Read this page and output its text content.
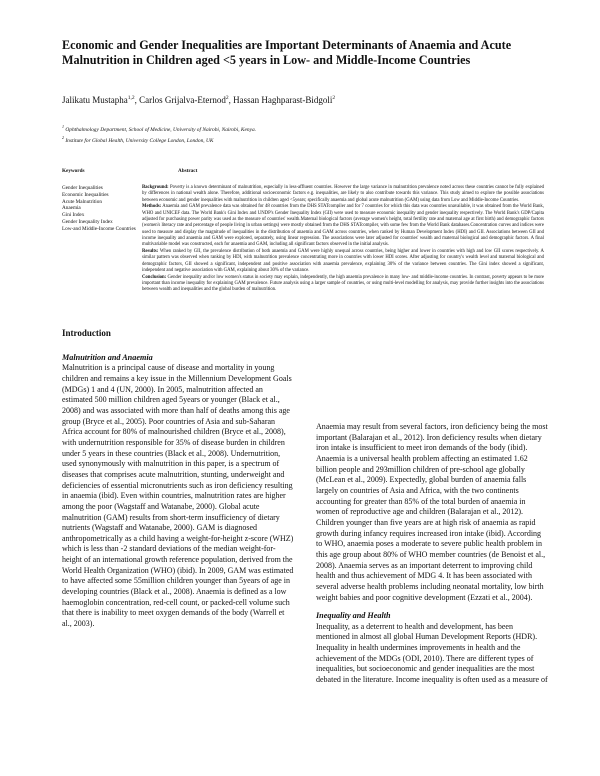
Economic and Gender Inequalities are Important Determinants of Anaemia and Acute Malnutrition in Children aged <5 years in Low- and Middle-Income Countries
Jalikatu Mustapha$^{1,2}$, Carlos Grijalva-Eternod$^2$, Hassan Haghparast-Bidgoli$^2$
$^1$ Ophthalmology Department, School of Medicine, University of Nairobi, Nairobi, Kenya.
$^2$ Institute for Global Health, University College London, London, UK
Keywords	Abstract
Gender Inequalities
Economic Inequalities
Acute Malnutrition
Anaemia
Gini Index
Gender Inequality Index
Low-and Middle-Income Countries

Background: Poverty is a known determinant of malnutrition, especially in less-affluent countries. However the large variance in malnutrition prevalence noted across these countries cannot be fully explained by differences in national wealth alone. Therefore, additional socioeconomic factors e.g. inequalities, are likely to also contribute towards this variance. This study aimed to explore the possible associations between economic and gender inequalities with malnutrition in children aged <5years; specifically anaemia and global acute malnutrition (GAM) using data from Low and Middle-Income Countries.

Methods: Anaemia and GAM prevalence data was obtained for 48 countries from the DHS STATcompiler and for 7 countries for which this data was countries unavailable, it was obtained from the World Bank, WHO and UNICEF data. The World Bank's Gini Index and UNDP's Gender Inequality Index (GII) were used to measure economic inequality and gender inequality respectively. The World Bank's GDP/Capita adjusted for purchasing power parity was used as the measure of countries' wealth.Maternal biological factors (average women's height, total fertility rate and maternal age at first birth) and demographic factors (women's literacy rate and percentage of people living in urban settings) were mostly obtained from the DHS STATcompiler, with some few from the World Bank databases.Concentration curves and indices were used to measure and display the magnitude of inequalities in the distribution of anaemia and GAM across countries, when ranked by Human Development Index (HDI) and GII. Associations between GII and income inequality and anaemia and GAM were explored, separately, using linear regression. The associations were later adjusted for countries' wealth and maternal biological and demographic factors. A final multivariable model was constructed, each for anaemia and GAM, including all significant factors observed in the initial analysis.

Results: When ranked by GII, the prevalence distribution of both anaemia and GAM were highly unequal across countries, being higher and lower in countries with high and low GII scores respectively. A similar pattern was observed when ranking by HDI, with malnutrition prevalence concentrating more in countries with lower HDI scores. After adjusting for country's wealth level and maternal biological and demographic factors, GII showed a significant, independent and positive association with anaemia prevalence, explaining 30% of the variance between countries. The Gini index showed a significant, independent and negative association with GAM, explaining about 30% of the variance.

Conclusion: Gender inequality and/or low women's status in society may explain, independently, the high anaemia prevalence in many low- and middle-income countries. In contrast, poverty appears to be more important than income inequality for explaining GAM prevalence. Future analysis using a larger sample of countries, or using multi-level modelling for analysis, may provide further insights into the associations between wealth and inequalities and the global burden of malnutrition.

Introduction
Malnutrition and Anaemia

Malnutrition is a principal cause of disease and mortality in young children and remains a key issue in the Millennium Development Goals (MDGs) 1 and 4 (UN, 2000). In 2005, malnutrition affected an estimated 500 million children aged 5years or younger (Black et al., 2008) and was associated with more than half of deaths among this age group (Bryce et al., 2005). Poor countries of Asia and sub-Saharan Africa account for 80% of malnourished children (Bryce et al., 2008), with undernutrition responsible for 35% of disease burden in children under 5 years in these countries (Black et al., 2008). Undernutrition, used synonymously with malnutrition in this paper, is a spectrum of diseases that comprises acute malnutrition, stunting, underweight and deficiencies of essential micronutrients such as iron deficiency resulting in anaemia (ibid). Even within countries, malnutrition rates are higher among the poor (Wagstaff and Watanabe, 2000). Global acute malnutrition (GAM) results from short-term insufficiency of dietary nutrients (Wagstaff and Watanabe, 2000). GAM is diagnosed anthropometrically as a child having a weight-for-height z-score (WHZ) which is less than -2 standard deviations of the median weight-for-height of an international growth reference population, derived from the World Health Organization (WHO) (ibid). In 2009, GAM was estimated to have affected some 55million children younger than 5years of age in developing countries (Black et al., 2008). Anaemia is defined as a low haemoglobin concentration, red-cell count, or packed-cell volume such that there is inability to meet oxygen demands of the body (Warrell et al., 2003).

Anaemia may result from several factors, iron deficiency being the most important (Balarajan et al., 2012). Iron deficiency results when dietary iron intake is insufficient to meet iron demands of the body (ibid). Anaemia is a universal health problem affecting an estimated 1.62 billion people and 293million children of pre-school age globally (McLean et al., 2009). Expectedly, global burden of anaemia falls largely on countries of Asia and Africa, with the two continents accounting for greater than 85% of the total burden of anaemia in women of reproductive age and children (Balarajan et al., 2012). Children younger than five years are at high risk of anaemia as rapid growth during infancy requires increased iron intake (ibid). According to WHO, anaemia poses a moderate to severe public health problem in this age group about 80% of WHO member countries (de Benoist et al., 2008). Anaemia serves as an important deterrent to improving child health and thus achievement of MDG 4. It has been associated with several adverse health problems including neonatal mortality, low birth weight babies and poor cognitive development (Ezzati et al., 2004).

Inequality and Health

Inequality, as a deterrent to health and development, has been mentioned in almost all global Human Development Reports (HDR). Inequality in health undermines improvements in health and the achievement of the MDGs (ODI, 2010). There are different types of inequalities, but socioeconomic and gender inequalities are the most debated in the literature. Income inequality is often used as a measure of
